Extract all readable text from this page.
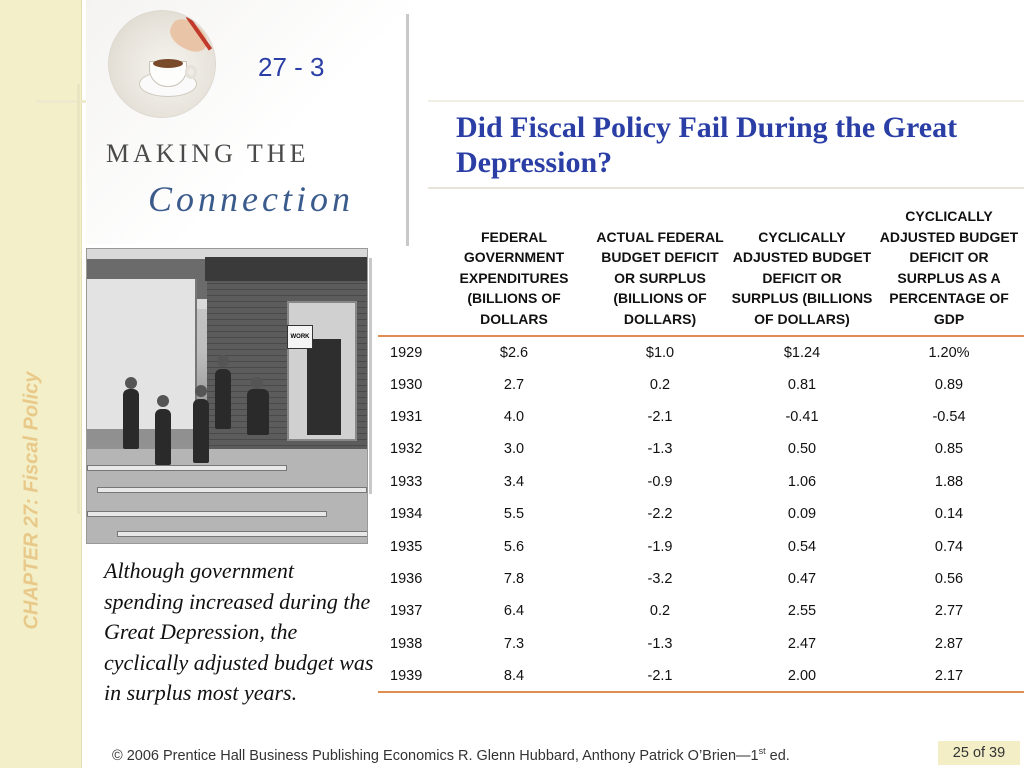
CHAPTER 27: Fiscal Policy
27 - 3
MAKING THE
Connection
Did Fiscal Policy Fail During the Great Depression?
WORK
Although government spending increased during the Great Depression, the cyclically adjusted budget was in surplus most years.
	FEDERAL GOVERNMENT EXPENDITURES (BILLIONS OF DOLLARS	ACTUAL FEDERAL BUDGET DEFICIT OR SURPLUS (BILLIONS OF DOLLARS)	CYCLICALLY ADJUSTED BUDGET DEFICIT OR SURPLUS (BILLIONS OF DOLLARS)	CYCLICALLY ADJUSTED BUDGET DEFICIT OR SURPLUS AS A PERCENTAGE OF GDP
1929	$2.6	$1.0	$1.24	1.20%
1930	2.7	0.2	0.81	0.89
1931	4.0	-2.1	-0.41	-0.54
1932	3.0	-1.3	0.50	0.85
1933	3.4	-0.9	1.06	1.88
1934	5.5	-2.2	0.09	0.14
1935	5.6	-1.9	0.54	0.74
1936	7.8	-3.2	0.47	0.56
1937	6.4	0.2	2.55	2.77
1938	7.3	-1.3	2.47	2.87
1939	8.4	-2.1	2.00	2.17
© 2006 Prentice Hall Business Publishing Economics R. Glenn Hubbard, Anthony Patrick O’Brien—1st ed.	25 of 39
